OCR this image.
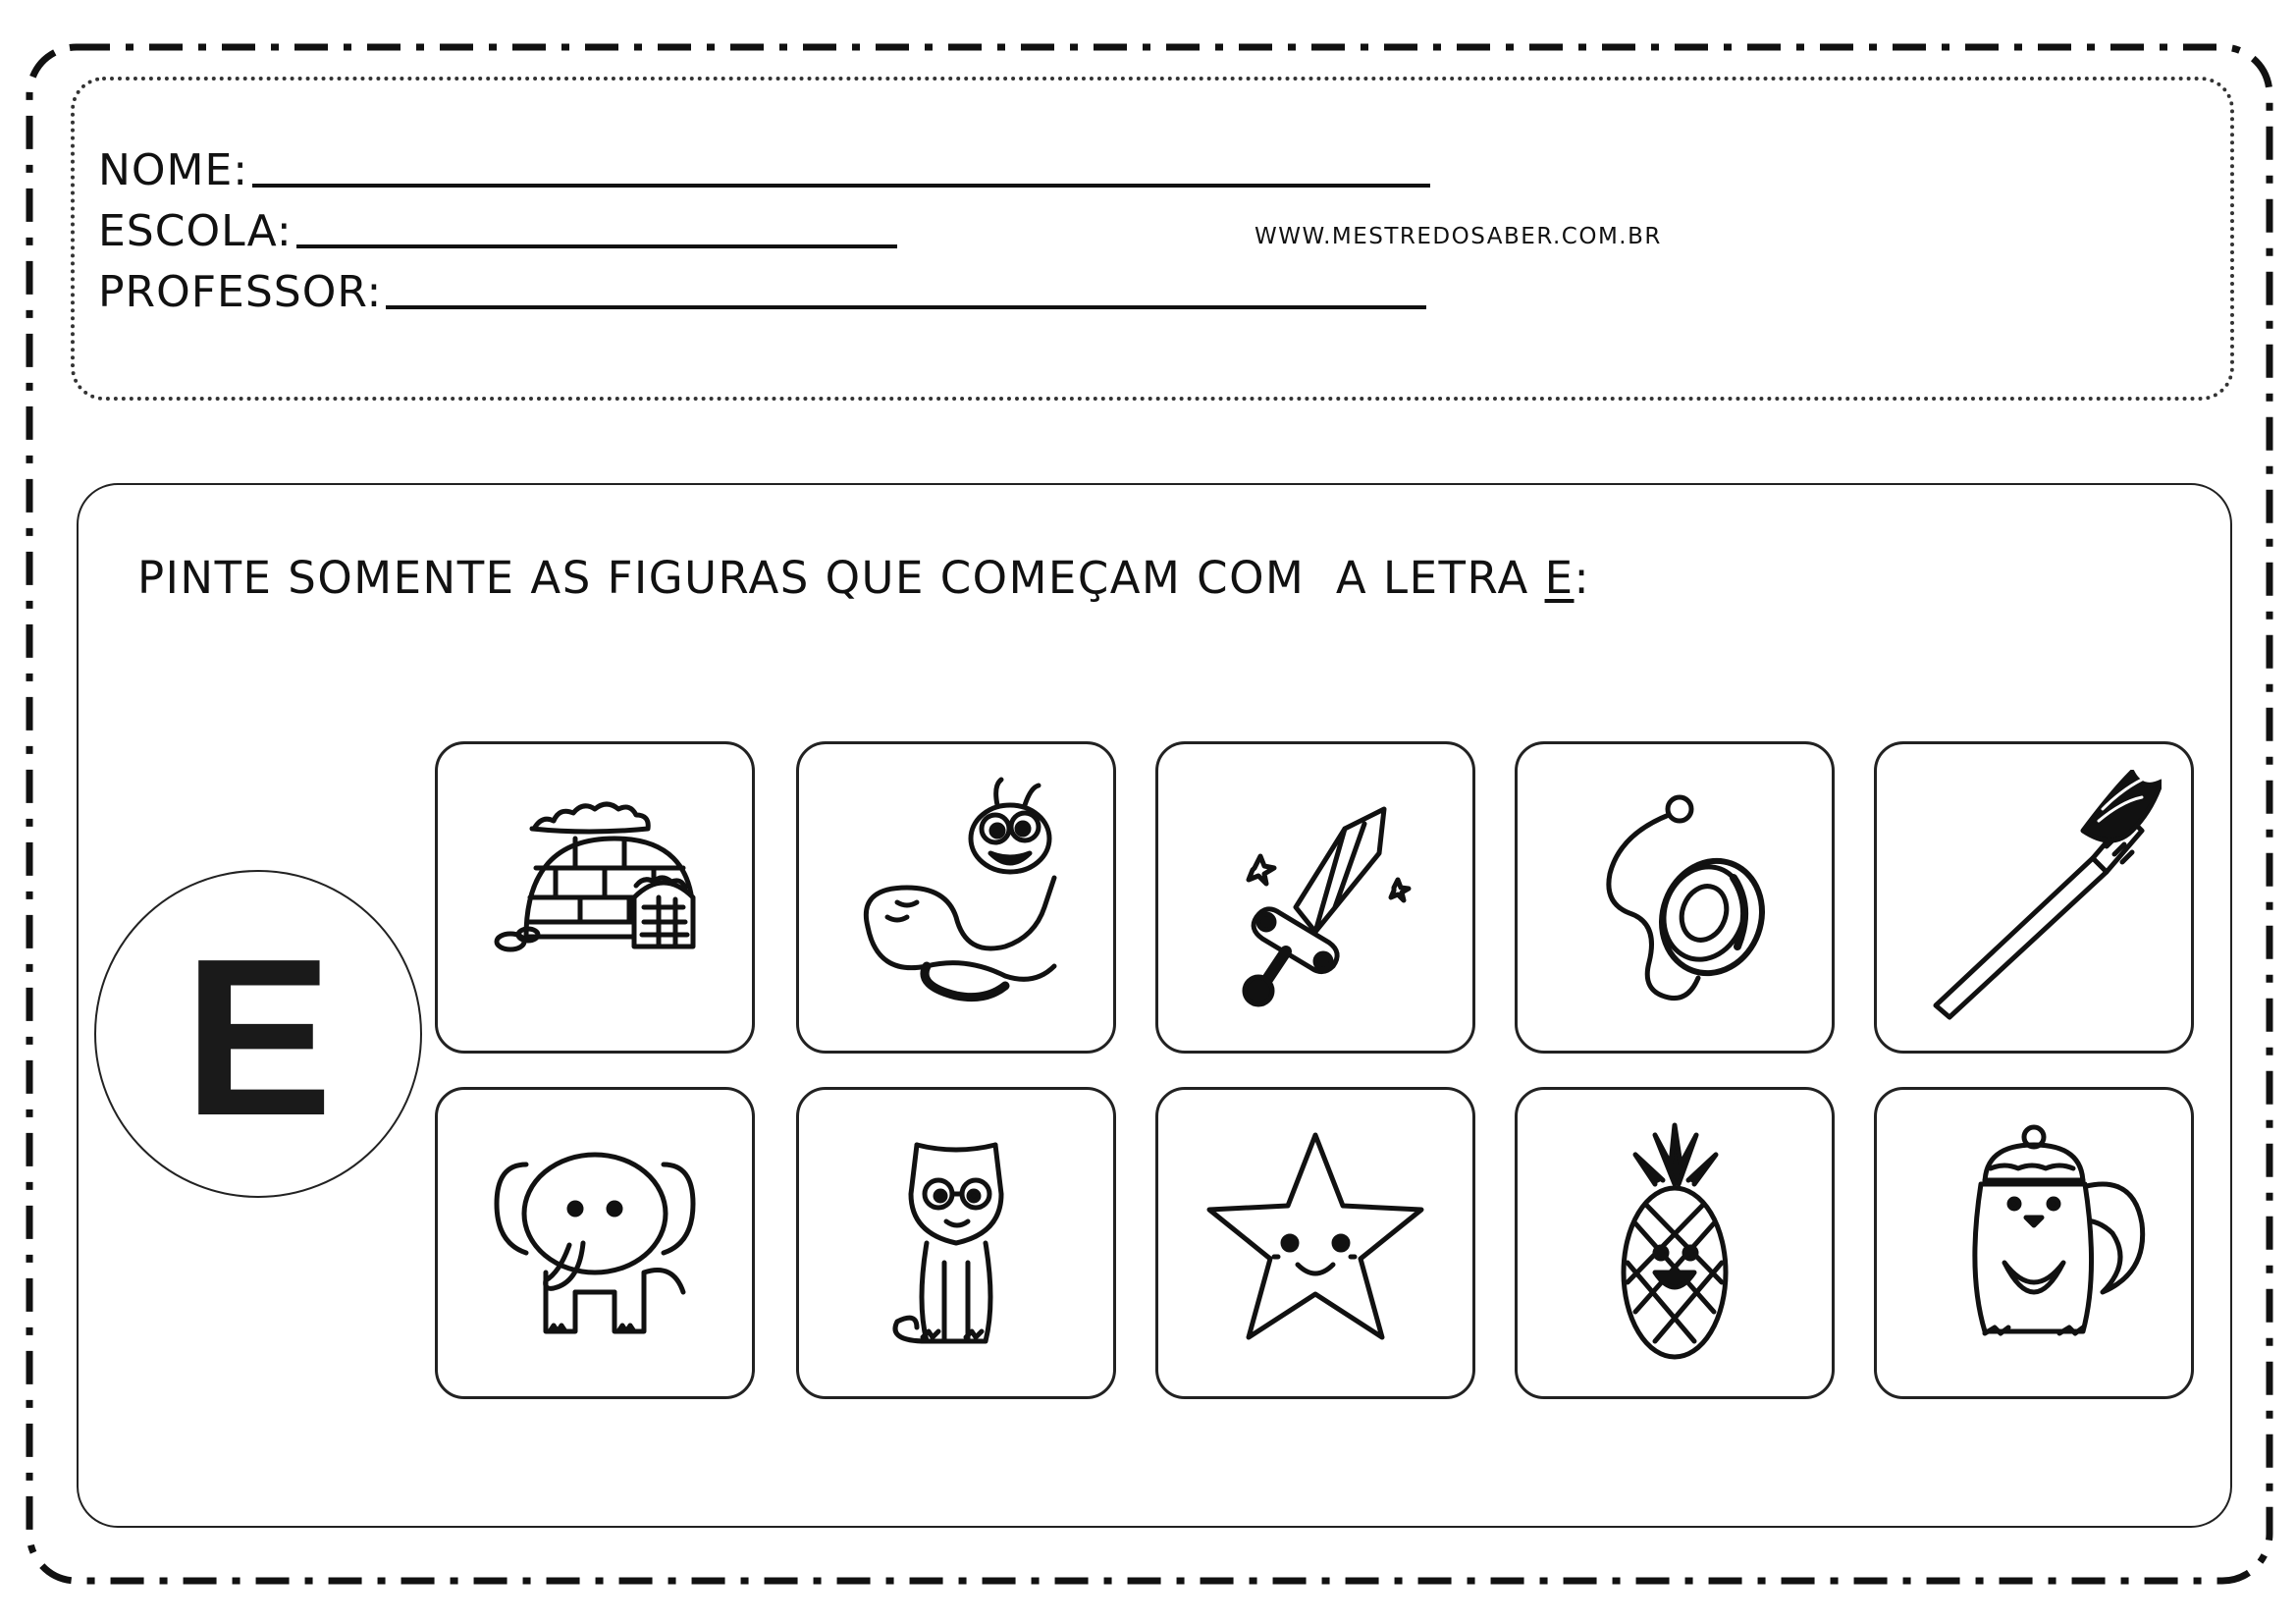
NOME:
ESCOLA:
PROFESSOR:
WWW.MESTREDOSABER.COM.BR
PINTE SOMENTE AS FIGURAS QUE COMEÇAM COM  A LETRA E:
E
